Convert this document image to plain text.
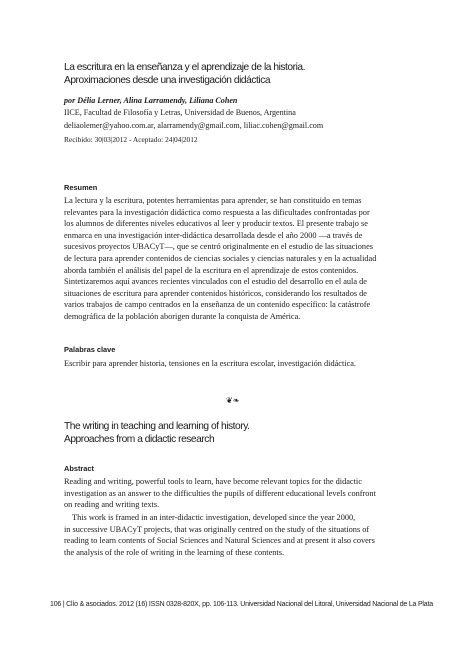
La escritura en la enseñanza y el aprendizaje de la historia.
Aproximaciones desde una investigación didáctica
por Délia Lerner, Alina Larramendy, Liliana Cohen
IICE, Facultad de Filosofía y Letras, Universidad de Buenos, Argentina
deliaolemer@yahoo.com.ar, alarramendy@gmail.com, liliac.cohen@gmail.com
Recibido: 30|03|2012 - Aceptado: 24|04|2012
Resumen
La lectura y la escritura, potentes herramientas para aprender, se han constituido en temas
relevantes para la investigación didáctica como respuesta a las dificultades confrontadas por
los alumnos de diferentes niveles educativos al leer y producir textos. El presente trabajo se
enmarca en una investigación inter-didáctica desarrollada desde el año 2000 —a través de
sucesivos proyectos UBACyT—, que se centró originalmente en el estudio de las situaciones
de lectura para aprender contenidos de ciencias sociales y ciencias naturales y en la actualidad
aborda también el análisis del papel de la escritura en el aprendizaje de estos contenidos.
Sintetizaremos aquí avances recientes vinculados con el estudio del desarrollo en el aula de
situaciones de escritura para aprender contenidos históricos, considerando los resultados de
varios trabajos de campo centrados en la enseñanza de un contenido específico: la catástrofe
demográfica de la población aborigen durante la conquista de América.
Palabras clave
Escribir para aprender historia, tensiones en la escritura escolar, investigación didáctica.
❦❧
The writing in teaching and learning of history.
Approaches from a didactic research
Abstract
Reading and writing, powerful tools to learn, have become relevant topics for the didactic
investigation as an answer to the difficulties the pupils of different educational levels confront
on reading and writing texts.
This work is framed in an inter-didactic investigation, developed since the year 2000,
in successive UBACyT projects, that was originally centred on the study of the situations of
reading to learn contents of Social Sciences and Natural Sciences and at present it also covers
the analysis of the role of writing in the learning of these contents.
106 | Clío & asociados. 2012 (16) ISSN 0328-820X, pp. 106-113. Universidad Nacional del Litoral, Universidad Nacional de La Plata
